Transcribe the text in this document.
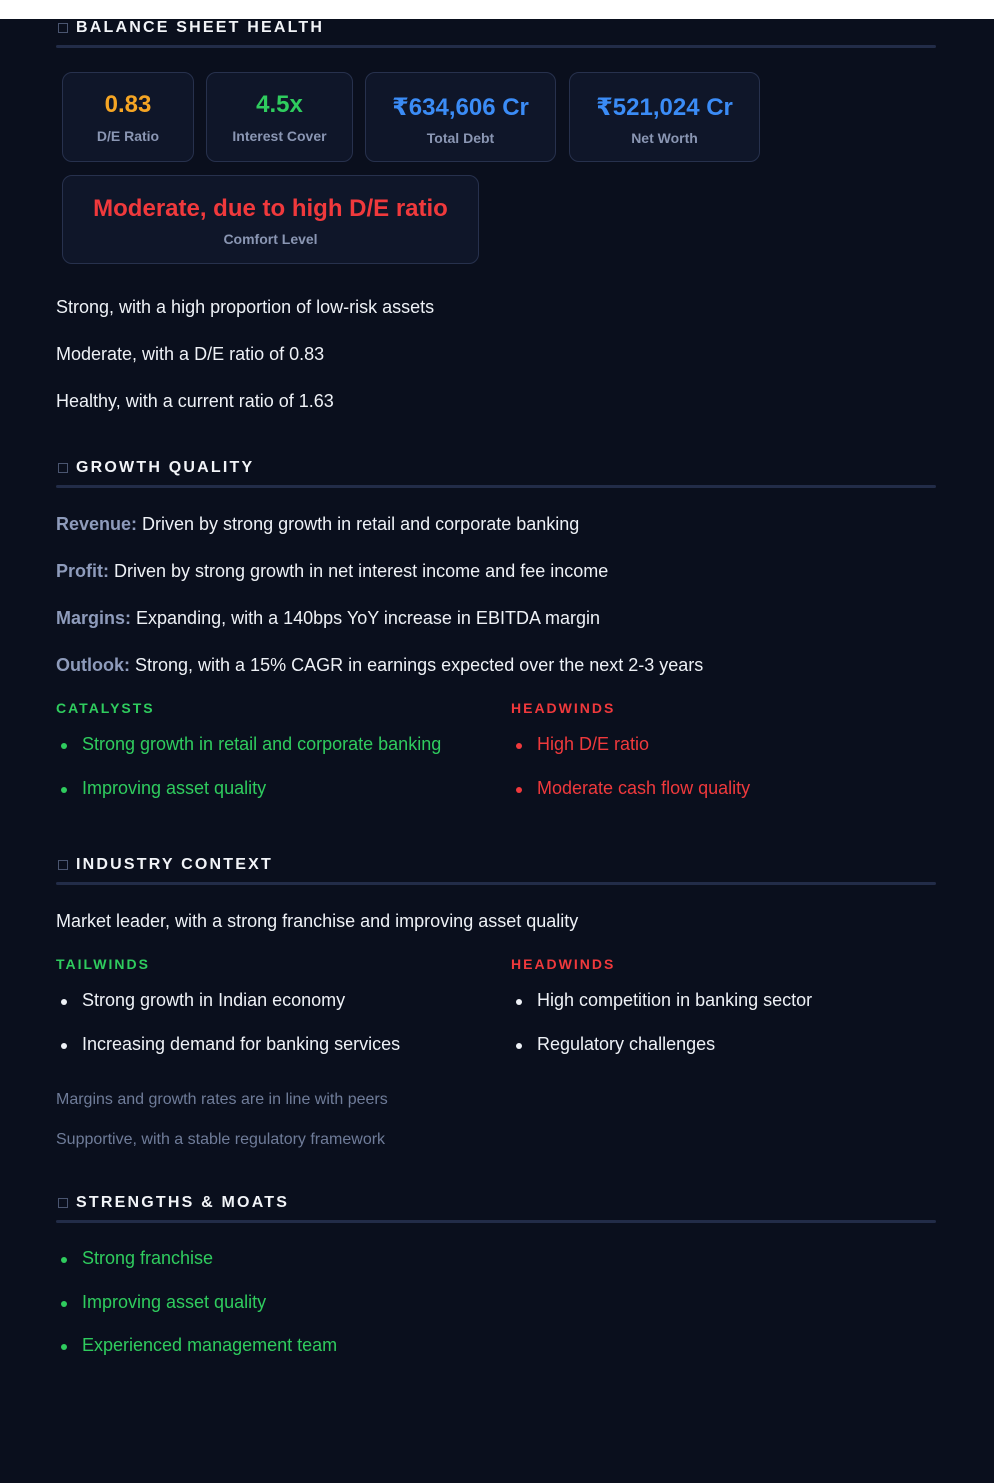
BALANCE SHEET HEALTH
0.83
D/E Ratio
4.5x
Interest Cover
₹634,606 Cr
Total Debt
₹521,024 Cr
Net Worth
Moderate, due to high D/E ratio
Comfort Level
Strong, with a high proportion of low-risk assets
Moderate, with a D/E ratio of 0.83
Healthy, with a current ratio of 1.63
GROWTH QUALITY
Revenue: Driven by strong growth in retail and corporate banking
Profit: Driven by strong growth in net interest income and fee income
Margins: Expanding, with a 140bps YoY increase in EBITDA margin
Outlook: Strong, with a 15% CAGR in earnings expected over the next 2-3 years
CATALYSTS	HEADWINDS
Strong growth in retail and corporate banking
Improving asset quality
High D/E ratio
Moderate cash flow quality
INDUSTRY CONTEXT
Market leader, with a strong franchise and improving asset quality
TAILWINDS	HEADWINDS
Strong growth in Indian economy
Increasing demand for banking services
High competition in banking sector
Regulatory challenges
Margins and growth rates are in line with peers
Supportive, with a stable regulatory framework
STRENGTHS & MOATS
Strong franchise
Improving asset quality
Experienced management team
